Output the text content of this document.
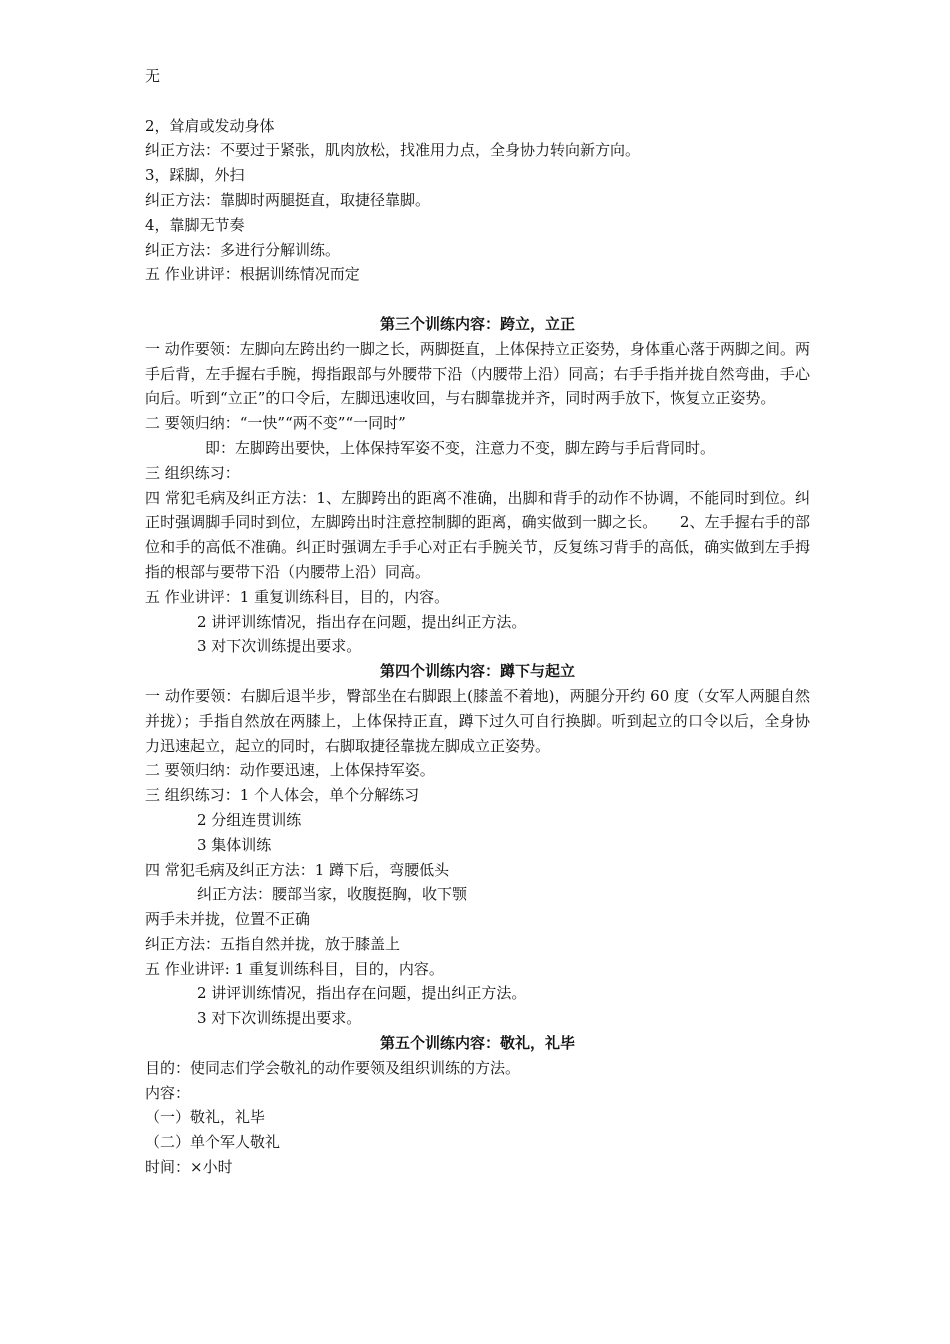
无

2，耸肩或发动身体

纠正方法：不要过于紧张，肌肉放松，找准用力点，全身协力转向新方向。

3，踩脚，外扫

纠正方法：靠脚时两腿挺直，取捷径靠脚。

4，靠脚无节奏

纠正方法：多进行分解训练。

五 作业讲评：根据训练情况而定

第三个训练内容：跨立，立正

一 动作要领：左脚向左跨出约一脚之长，两脚挺直，上体保持立正姿势，身体重心落于两脚之间。两手后背，左手握右手腕，拇指跟部与外腰带下沿（内腰带上沿）同高；右手手指并拢自然弯曲，手心向后。听到“立正”的口令后，左脚迅速收回，与右脚靠拢并齐，同时两手放下，恢复立正姿势。

二 要领归纳：“一快”“两不变”“一同时”

即：左脚跨出要快，上体保持军姿不变，注意力不变，脚左跨与手后背同时。

三 组织练习：

四 常犯毛病及纠正方法：1、左脚跨出的距离不准确，出脚和背手的动作不协调，不能同时到位。纠正时强调脚手同时到位，左脚跨出时注意控制脚的距离，确实做到一脚之长。　　2、左手握右手的部位和手的高低不准确。纠正时强调左手手心对正右手腕关节，反复练习背手的高低，确实做到左手拇指的根部与要带下沿（内腰带上沿）同高。

五 作业讲评：1 重复训练科目，目的，内容。

2 讲评训练情况，指出存在问题，提出纠正方法。

3 对下次训练提出要求。

第四个训练内容：蹲下与起立

一 动作要领：右脚后退半步，臀部坐在右脚跟上(膝盖不着地)，两腿分开约 60 度（女军人两腿自然并拢）；手指自然放在两膝上，上体保持正直，蹲下过久可自行换脚。听到起立的口令以后，全身协力迅速起立，起立的同时，右脚取捷径靠拢左脚成立正姿势。

二 要领归纳：动作要迅速，上体保持军姿。

三 组织练习：1 个人体会，单个分解练习

2 分组连贯训练

3 集体训练

四 常犯毛病及纠正方法：1 蹲下后，弯腰低头

纠正方法：腰部当家，收腹挺胸，收下颚

两手未并拢，位置不正确

纠正方法：五指自然并拢，放于膝盖上

五 作业讲评: 1 重复训练科目，目的，内容。

2 讲评训练情况，指出存在问题，提出纠正方法。

3 对下次训练提出要求。

第五个训练内容：敬礼，礼毕

目的：使同志们学会敬礼的动作要领及组织训练的方法。

内容：

（一）敬礼，礼毕

（二）单个军人敬礼

时间：×小时
